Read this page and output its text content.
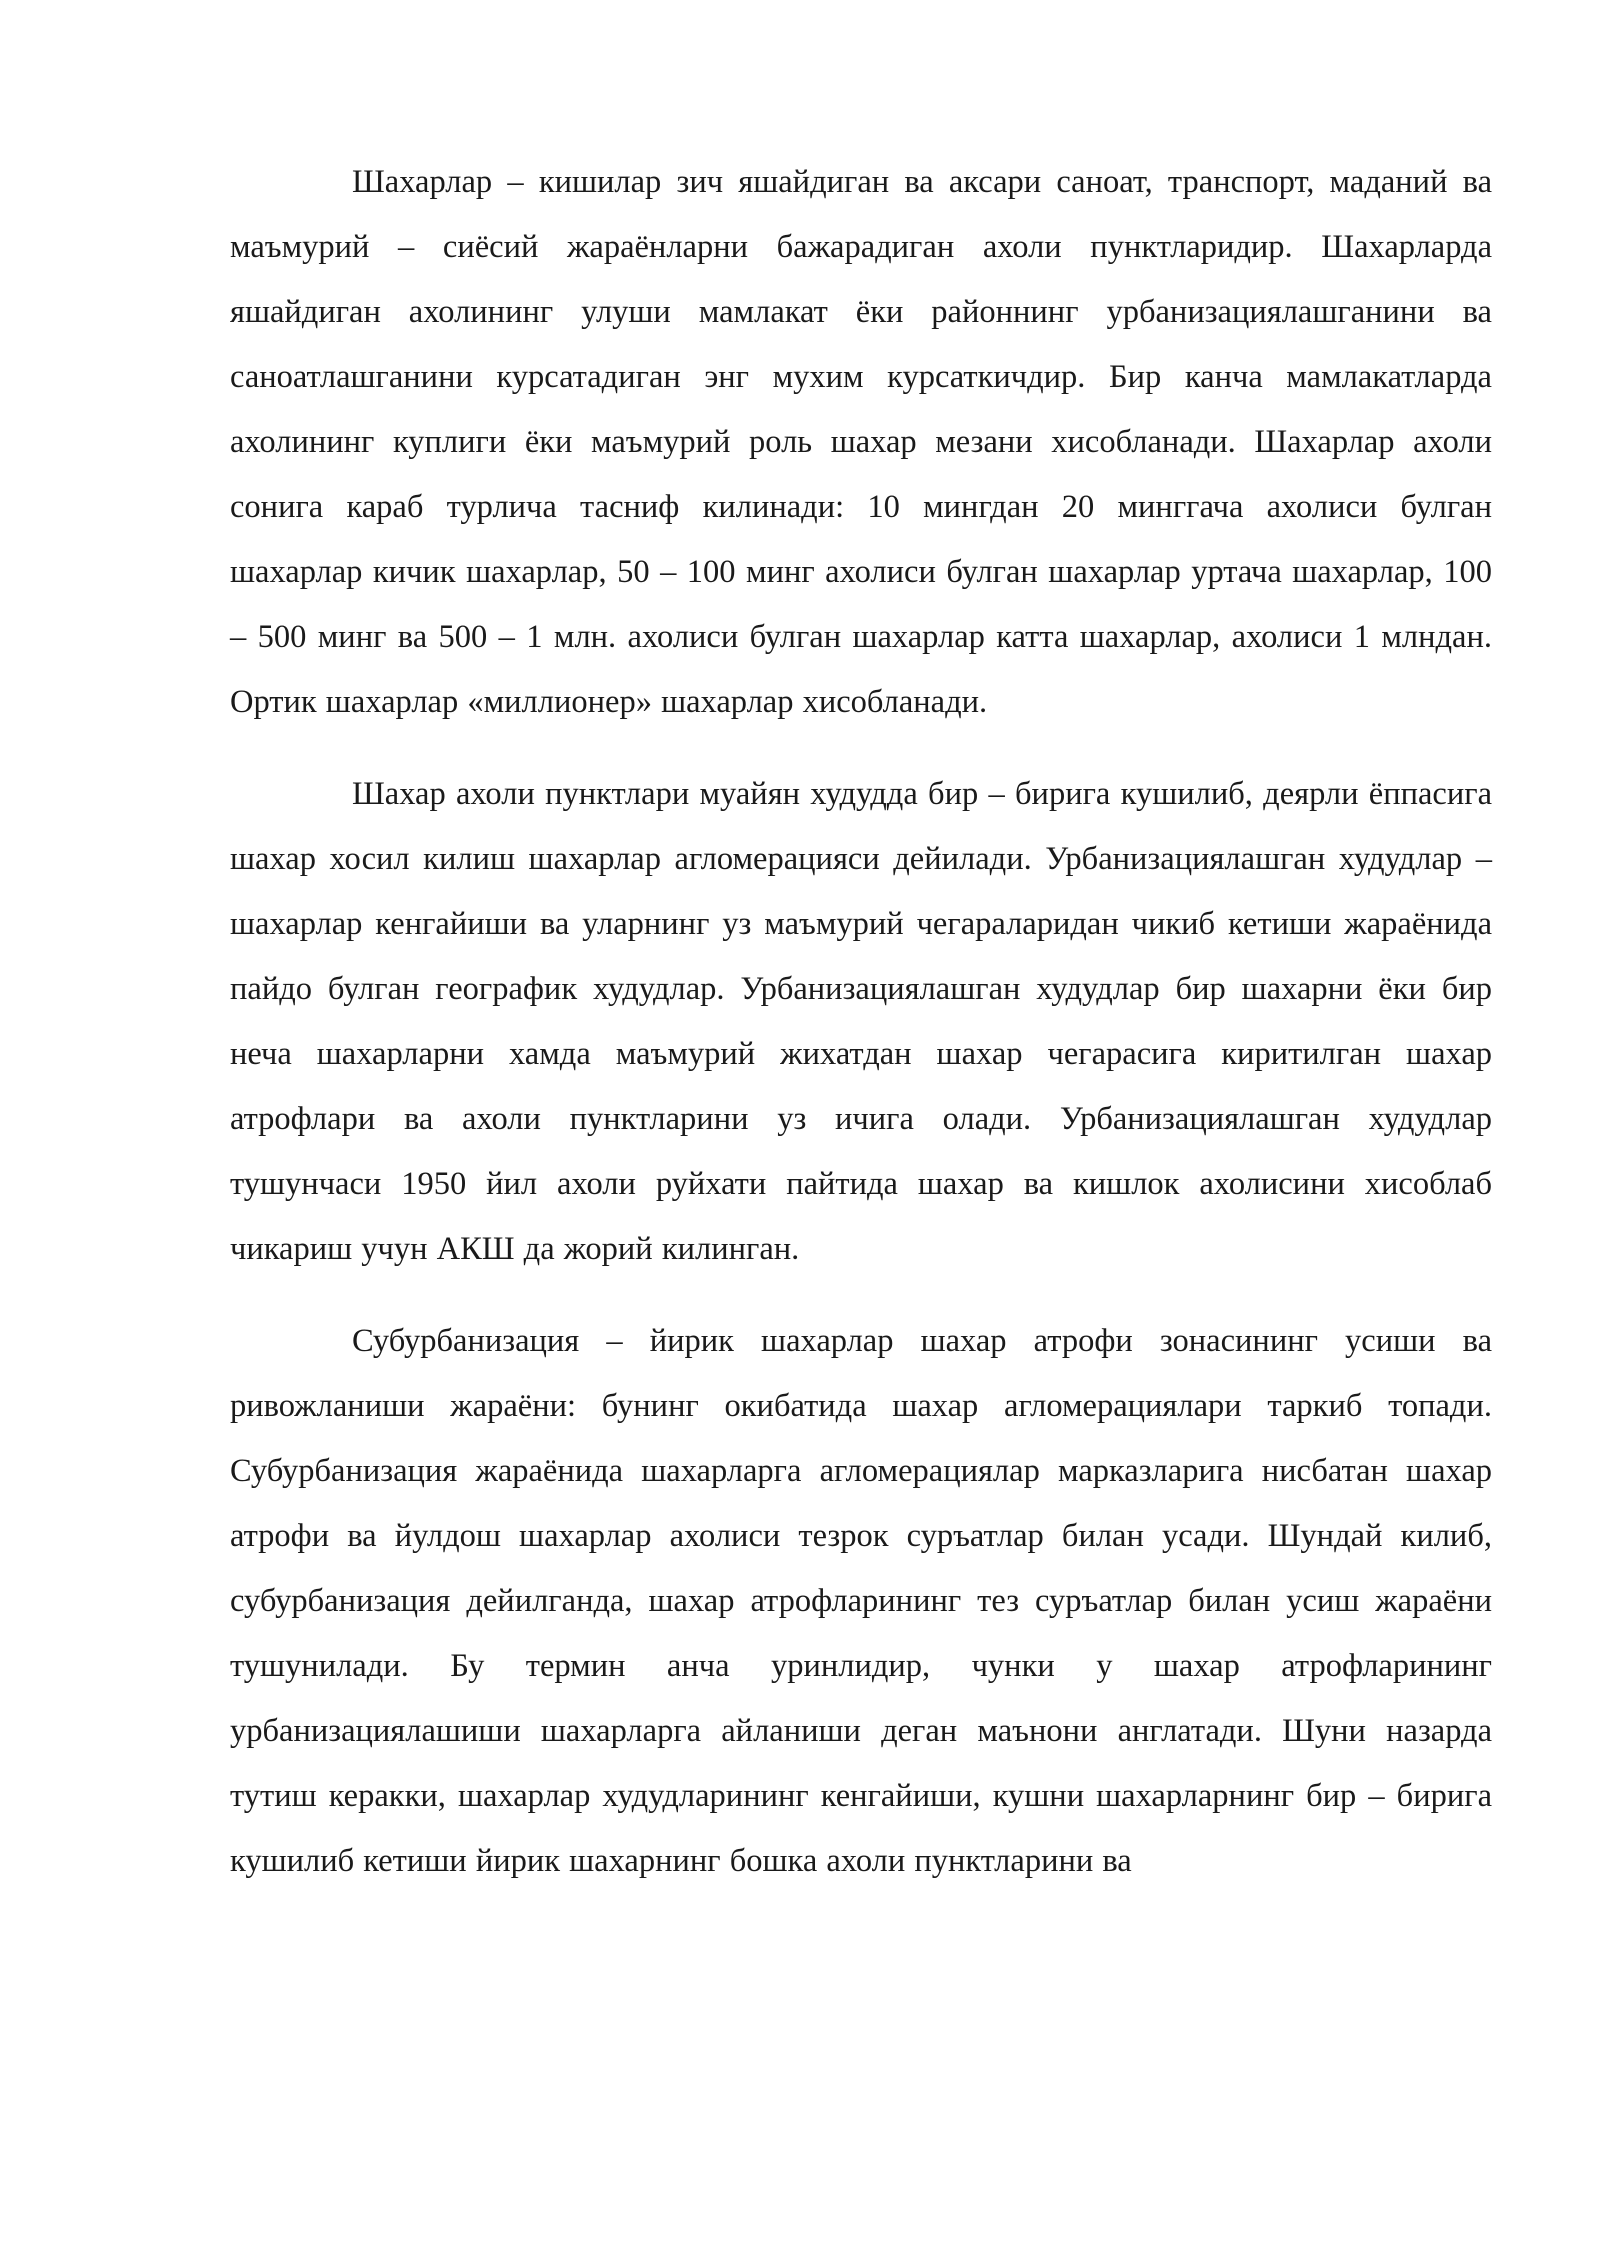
Шахарлар – кишилар зич яшайдиган ва аксари саноат, транспорт, маданий ва маъмурий – сиёсий жараёнларни бажарадиган ахоли пунктларидир. Шахарларда яшайдиган ахолининг улуши мамлакат ёки районнинг урбанизациялашганини ва саноатлашганини курсатадиган энг мухим курсаткичдир. Бир канча мамлакатларда ахолининг куплиги ёки маъмурий роль шахар мезани хисобланади. Шахарлар ахоли сонига караб турлича тасниф килинади: 10 мингдан 20 минггача ахолиси булган шахарлар кичик шахарлар, 50 – 100 минг ахолиси булган шахарлар уртача шахарлар, 100 – 500 минг ва 500 – 1 млн. ахолиси булган шахарлар катта шахарлар, ахолиси 1 млндан. Ортик шахарлар «миллионер» шахарлар хисобланади.

Шахар ахоли пунктлари муайян худудда бир – бирига кушилиб, деярли ёппасига шахар хосил килиш шахарлар агломерацияси дейилади. Урбанизациялашган худудлар – шахарлар кенгайиши ва уларнинг уз маъмурий чегараларидан чикиб кетиши жараёнида пайдо булган географик худудлар. Урбанизациялашган худудлар бир шахарни ёки бир неча шахарларни хамда маъмурий жихатдан шахар чегарасига киритилган шахар атрофлари ва ахоли пунктларини уз ичига олади. Урбанизациялашган худудлар тушунчаси 1950 йил ахоли руйхати пайтида шахар ва кишлок ахолисини хисоблаб чикариш учун АКШ да жорий килинган.

Субурбанизация – йирик шахарлар шахар атрофи зонасининг усиши ва ривожланиши жараёни: бунинг окибатида шахар агломерациялари таркиб топади. Субурбанизация жараёнида шахарларга агломерациялар марказларига нисбатан шахар атрофи ва йулдош шахарлар ахолиси тезрок суръатлар билан усади. Шундай килиб, субурбанизация дейилганда, шахар атрофларининг тез суръатлар билан усиш жараёни тушунилади. Бу термин анча уринлидир, чунки у шахар атрофларининг урбанизациялашиши шахарларга айланиши деган маънони англатади. Шуни назарда тутиш керакки, шахарлар худудларининг кенгайиши, кушни шахарларнинг бир – бирига кушилиб кетиши йирик шахарнинг бошка ахоли пунктларини ва
